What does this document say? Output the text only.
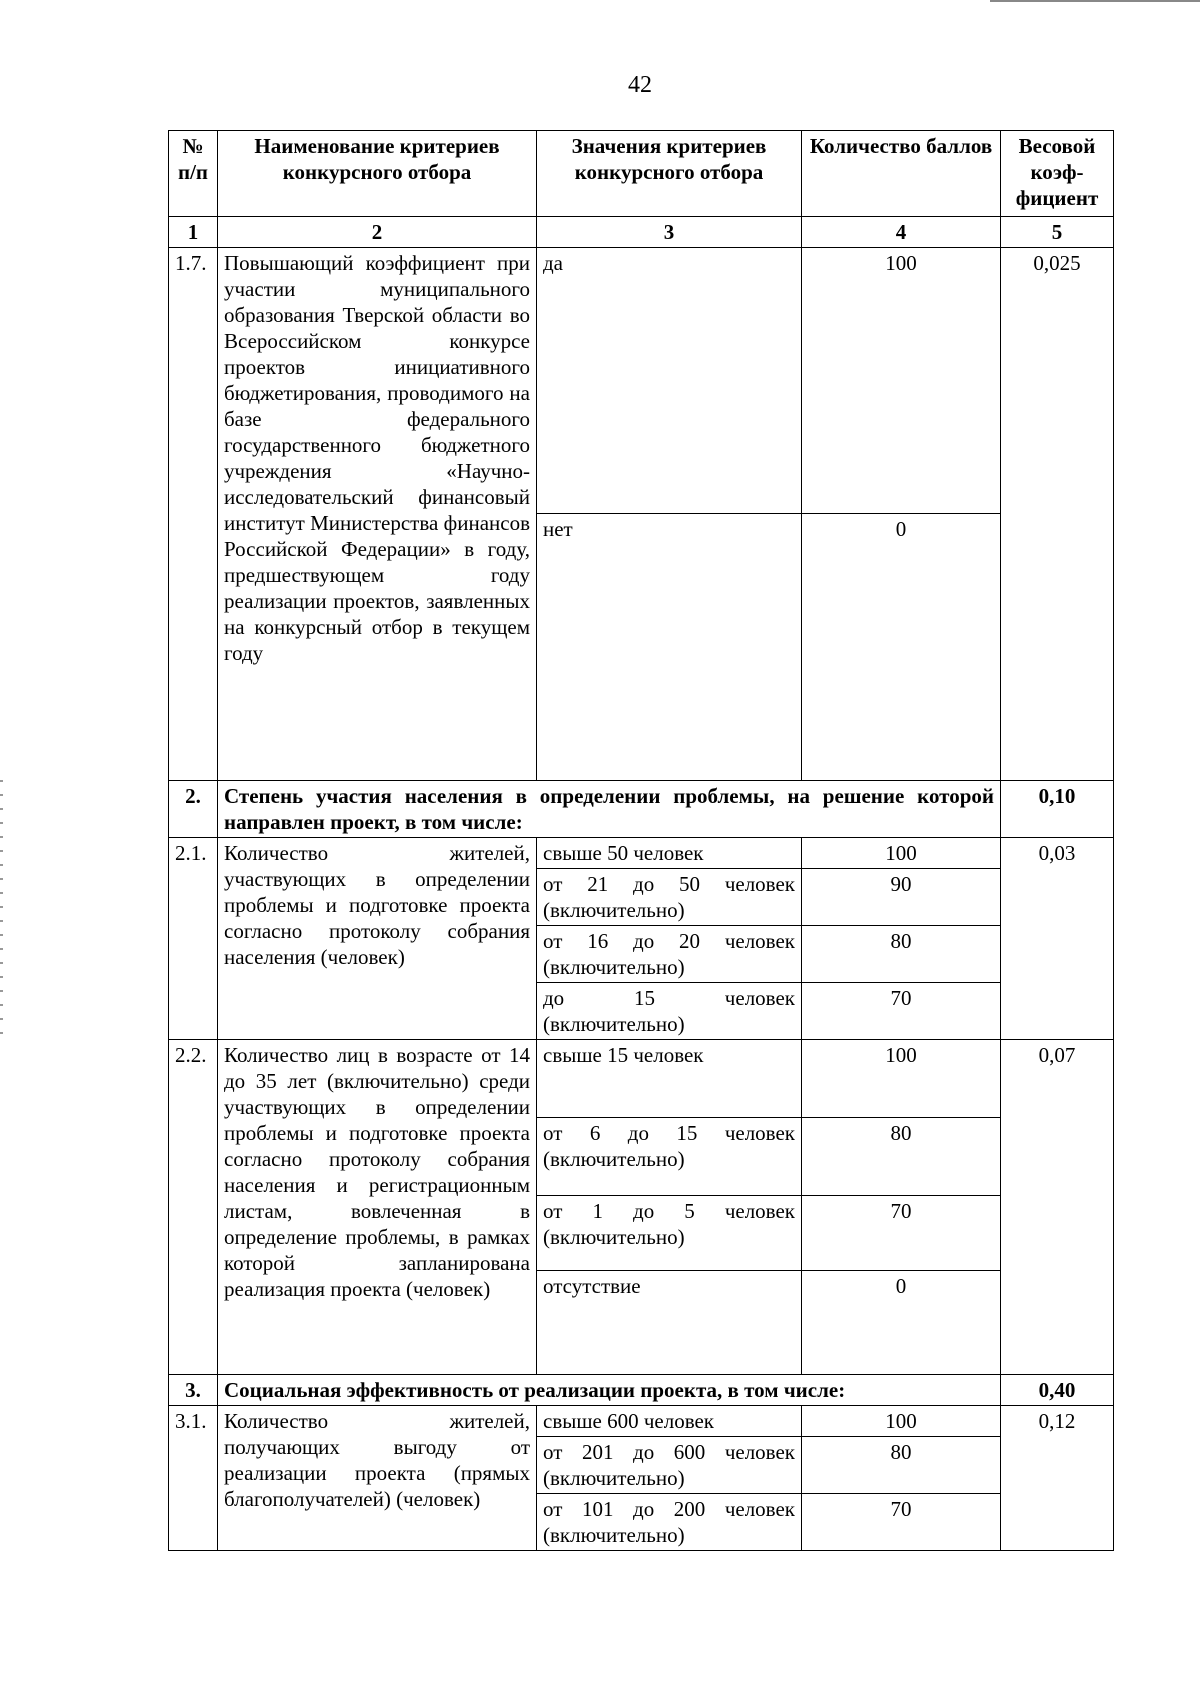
42
№ п/п	Наименование критериев конкурсного отбора	Значения критериев конкурсного отбора	Количество баллов	Весовой коэф-фициент
1	2	3	4	5
1.7.	Повышающий коэффициент при участии муниципального образования Тверской области во Всероссийском конкурсе проектов инициативного бюджетирования, проводимого на базе федерального государственного бюджетного учреждения «Научно-исследовательский финансовый институт Министерства финансов Российской Федерации» в году, предшествующем году реализации проектов, заявленных на конкурсный отбор в текущем году	да	100	0,025
		нет	0	
2.	Степень участия населения в определении проблемы, на решение которой направлен проект, в том числе:			0,10
2.1.	Количество жителей, участвующих в определении проблемы и подготовке проекта согласно протоколу собрания населения (человек)	свыше 50 человек	100	0,03
		от 21 до 50 человек (включительно)	90	
		от 16 до 20 человек (включительно)	80	
		до 15 человек (включительно)	70	
2.2.	Количество лиц в возрасте от 14 до 35 лет (включительно) среди участвующих в определении проблемы и подготовке проекта согласно протоколу собрания населения и регистрационным листам, вовлеченная в определение проблемы, в рамках которой запланирована реализация проекта (человек)	свыше 15 человек	100	0,07
		от 6 до 15 человек (включительно)	80	
		от 1 до 5 человек (включительно)	70	
		отсутствие	0	
3.	Социальная эффективность от реализации проекта, в том числе:			0,40
3.1.	Количество жителей, получающих выгоду от реализации проекта (прямых благополучателей) (человек)	свыше 600 человек	100	0,12
		от 201 до 600 человек (включительно)	80	
		от 101 до 200 человек (включительно)	70	
